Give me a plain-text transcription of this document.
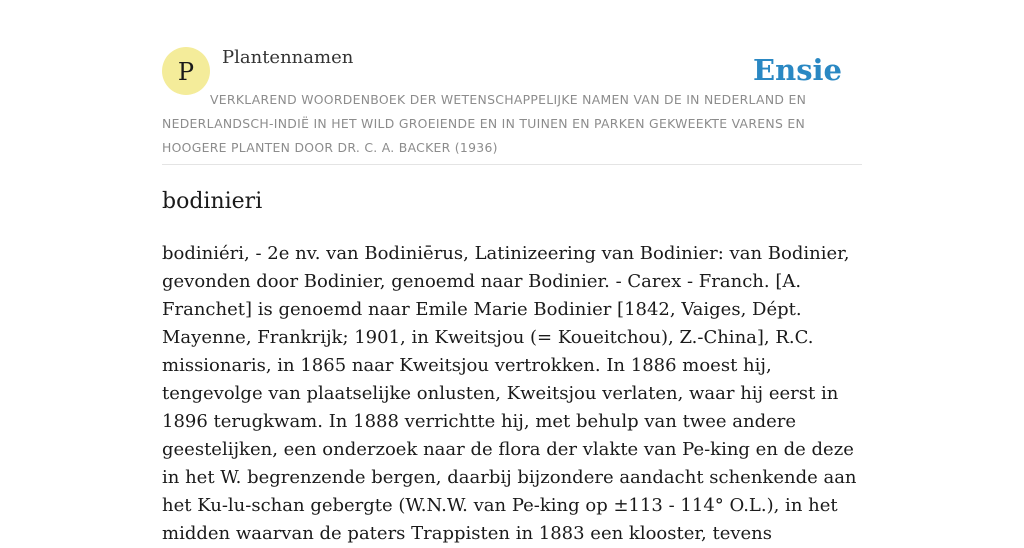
P Plantennamen	Ensie

VERKLAREND WOORDENBOEK DER WETENSCHAPPELIJKE NAMEN VAN DE IN NEDERLAND EN NEDERLANDSCH-INDIË IN HET WILD GROEIENDE EN IN TUINEN EN PARKEN GEKWEEKTE VARENS EN HOOGERE PLANTEN DOOR DR. C. A. BACKER (1936)

bodinieri

bodiniéri, - 2e nv. van Bodiniērus, Latinizeering van Bodinier: van Bodinier, gevonden door Bodinier, genoemd naar Bodinier. - Carex - Franch. [A. Franchet] is genoemd naar Emile Marie Bodinier [1842, Vaiges, Dépt. Mayenne, Frankrijk; 1901, in Kweitsjou (= Koueitchou), Z.-China], R.C. missionaris, in 1865 naar Kweitsjou vertrokken. In 1886 moest hij, tengevolge van plaatselijke onlusten, Kweitsjou verlaten, waar hij eerst in 1896 terugkwam. In 1888 verrichtte hij, met behulp van twee andere geestelijken, een onderzoek naar de flora der vlakte van Pe-king en de deze in het W. begrenzende bergen, daarbij bijzondere aandacht schenkende aan het Ku-lu-schan gebergte (W.N.W. van Pe-king op ±113 - 114° O.L.), in het midden waarvan de paters Trappisten in 1883 een klooster, tevens
